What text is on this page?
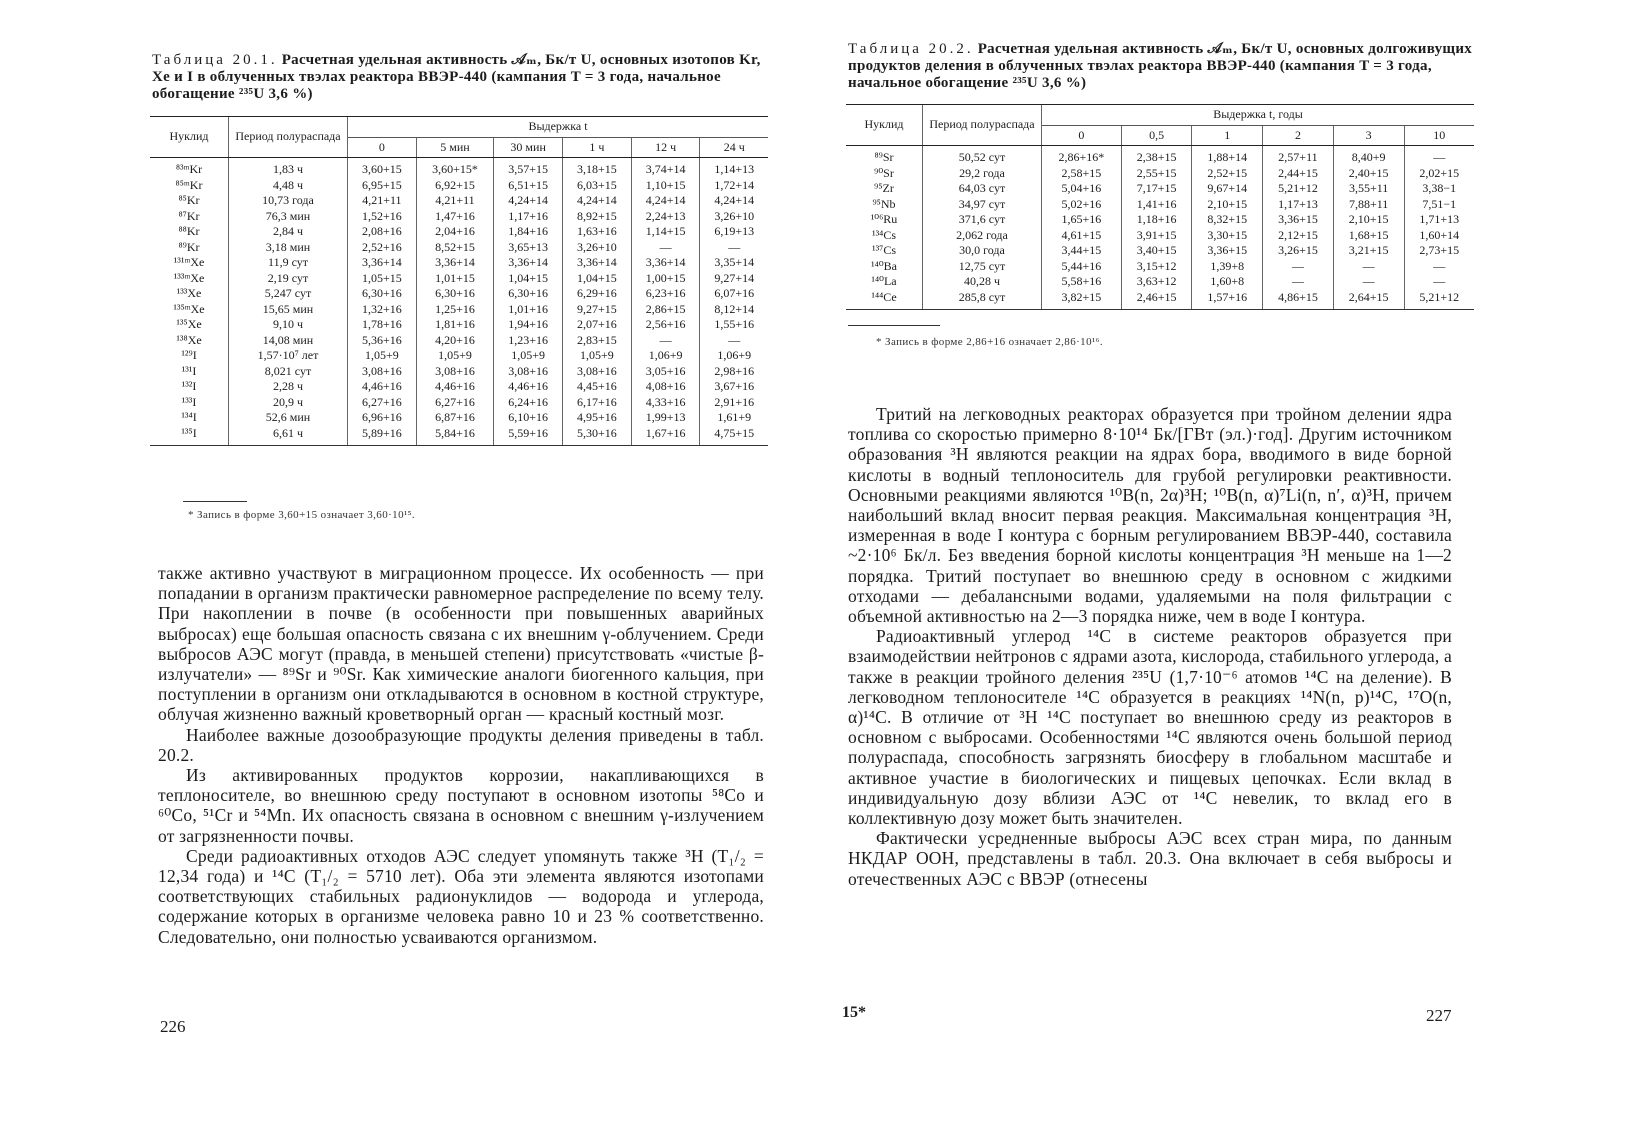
Таблица 20.1. Расчетная удельная активность 𝒜ₘ, Бк/т U, основных изотопов Kr, Xe и I в облученных твэлах реактора ВВЭР-440 (кампания T = 3 года, начальное обогащение ²³⁵U 3,6 %)
Нуклид	Период полураспада	Выдержка t					
		0	5 мин	30 мин	1 ч	12 ч	24 ч
⁸³ᵐKr	1,83 ч	3,60+15	3,60+15*	3,57+15	3,18+15	3,74+14	1,14+13
⁸⁵ᵐKr	4,48 ч	6,95+15	6,92+15	6,51+15	6,03+15	1,10+15	1,72+14
⁸⁵Kr	10,73 года	4,21+11	4,21+11	4,24+14	4,24+14	4,24+14	4,24+14
⁸⁷Kr	76,3 мин	1,52+16	1,47+16	1,17+16	8,92+15	2,24+13	3,26+10
⁸⁸Kr	2,84 ч	2,08+16	2,04+16	1,84+16	1,63+16	1,14+15	6,19+13
⁸⁹Kr	3,18 мин	2,52+16	8,52+15	3,65+13	3,26+10	—	—
¹³¹ᵐXe	11,9 сут	3,36+14	3,36+14	3,36+14	3,36+14	3,36+14	3,35+14
¹³³ᵐXe	2,19 сут	1,05+15	1,01+15	1,04+15	1,04+15	1,00+15	9,27+14
¹³³Xe	5,247 сут	6,30+16	6,30+16	6,30+16	6,29+16	6,23+16	6,07+16
¹³⁵ᵐXe	15,65 мин	1,32+16	1,25+16	1,01+16	9,27+15	2,86+15	8,12+14
¹³⁵Xe	9,10 ч	1,78+16	1,81+16	1,94+16	2,07+16	2,56+16	1,55+16
¹³⁸Xe	14,08 мин	5,36+16	4,20+16	1,23+16	2,83+15	—	—
¹²⁹I	1,57·10⁷ лет	1,05+9	1,05+9	1,05+9	1,05+9	1,06+9	1,06+9
¹³¹I	8,021 сут	3,08+16	3,08+16	3,08+16	3,08+16	3,05+16	2,98+16
¹³²I	2,28 ч	4,46+16	4,46+16	4,46+16	4,45+16	4,08+16	3,67+16
¹³³I	20,9 ч	6,27+16	6,27+16	6,24+16	6,17+16	4,33+16	2,91+16
¹³⁴I	52,6 мин	6,96+16	6,87+16	6,10+16	4,95+16	1,99+13	1,61+9
¹³⁵I	6,61 ч	5,89+16	5,84+16	5,59+16	5,30+16	1,67+16	4,75+15
* Запись в форме 3,60+15 означает 3,60·10¹⁵.

также активно участвуют в миграционном процессе. Их особенность — при попадании в организм практически равномерное распределение по всему телу. При накоплении в почве (в особенности при повышенных аварийных выбросах) еще большая опасность связана с их внешним γ-облучением. Среди выбросов АЭС могут (правда, в меньшей степени) присутствовать «чистые β-излучатели» — ⁸⁹Sr и ⁹⁰Sr. Как химические аналоги биогенного кальция, при поступлении в организм они откладываются в основном в костной структуре, облучая жизненно важный кроветворный орган — красный костный мозг.

Наиболее важные дозообразующие продукты деления приведены в табл. 20.2.

Из активированных продуктов коррозии, накапливающихся в теплоносителе, во внешнюю среду поступают в основном изотопы ⁵⁸Co и ⁶⁰Co, ⁵¹Cr и ⁵⁴Mn. Их опасность связана в основном с внешним γ-излучением от загрязненности почвы.

Среди радиоактивных отходов АЭС следует упомянуть также ³H (T₁/₂ = 12,34 года) и ¹⁴C (T₁/₂ = 5710 лет). Оба эти элемента являются изотопами соответствующих стабильных радионуклидов — водорода и углерода, содержание которых в организме человека равно 10 и 23 % соответственно. Следовательно, они полностью усваиваются организмом.

226
Таблица 20.2. Расчетная удельная активность 𝒜ₘ, Бк/т U, основных долгоживущих продуктов деления в облученных твэлах реактора ВВЭР-440 (кампания T = 3 года, начальное обогащение ²³⁵U 3,6 %)
Нуклид	Период полураспада	Выдержка t, годы					
		0	0,5	1	2	3	10
⁸⁹Sr	50,52 сут	2,86+16*	2,38+15	1,88+14	2,57+11	8,40+9	—
⁹⁰Sr	29,2 года	2,58+15	2,55+15	2,52+15	2,44+15	2,40+15	2,02+15
⁹⁵Zr	64,03 сут	5,04+16	7,17+15	9,67+14	5,21+12	3,55+11	3,38−1
⁹⁵Nb	34,97 сут	5,02+16	1,41+16	2,10+15	1,17+13	7,88+11	7,51−1
¹⁰⁶Ru	371,6 сут	1,65+16	1,18+16	8,32+15	3,36+15	2,10+15	1,71+13
¹³⁴Cs	2,062 года	4,61+15	3,91+15	3,30+15	2,12+15	1,68+15	1,60+14
¹³⁷Cs	30,0 года	3,44+15	3,40+15	3,36+15	3,26+15	3,21+15	2,73+15
¹⁴⁰Ba	12,75 сут	5,44+16	3,15+12	1,39+8	—	—	—
¹⁴⁰La	40,28 ч	5,58+16	3,63+12	1,60+8	—	—	—
¹⁴⁴Ce	285,8 сут	3,82+15	2,46+15	1,57+16	4,86+15	2,64+15	5,21+12
* Запись в форме 2,86+16 означает 2,86·10¹⁶.

Тритий на легководных реакторах образуется при тройном делении ядра топлива со скоростью примерно 8·10¹⁴ Бк/[ГВт (эл.)·год]. Другим источником образования ³H являются реакции на ядрах бора, вводимого в виде борной кислоты в водный теплоноситель для грубой регулировки реактивности. Основными реакциями являются ¹⁰B(n, 2α)³H; ¹⁰B(n, α)⁷Li(n, n′, α)³H, причем наибольший вклад вносит первая реакция. Максимальная концентрация ³H, измеренная в воде I контура с борным регулированием ВВЭР-440, составила ~2·10⁶ Бк/л. Без введения борной кислоты концентрация ³H меньше на 1—2 порядка. Тритий поступает во внешнюю среду в основном с жидкими отходами — дебалансными водами, удаляемыми на поля фильтрации с объемной активностью на 2—3 порядка ниже, чем в воде I контура.

Радиоактивный углерод ¹⁴C в системе реакторов образуется при взаимодействии нейтронов с ядрами азота, кислорода, стабильного углерода, а также в реакции тройного деления ²³⁵U (1,7·10⁻⁶ атомов ¹⁴C на деление). В легководном теплоносителе ¹⁴C образуется в реакциях ¹⁴N(n, p)¹⁴C, ¹⁷O(n, α)¹⁴C. В отличие от ³H ¹⁴C поступает во внешнюю среду из реакторов в основном с выбросами. Особенностями ¹⁴C являются очень большой период полураспада, способность загрязнять биосферу в глобальном масштабе и активное участие в биологических и пищевых цепочках. Если вклад в индивидуальную дозу вблизи АЭС от ¹⁴C невелик, то вклад его в коллективную дозу может быть значителен.

Фактически усредненные выбросы АЭС всех стран мира, по данным НКДАР ООН, представлены в табл. 20.3. Она включает в себя выбросы и отечественных АЭС с ВВЭР (отнесены

15*	227
